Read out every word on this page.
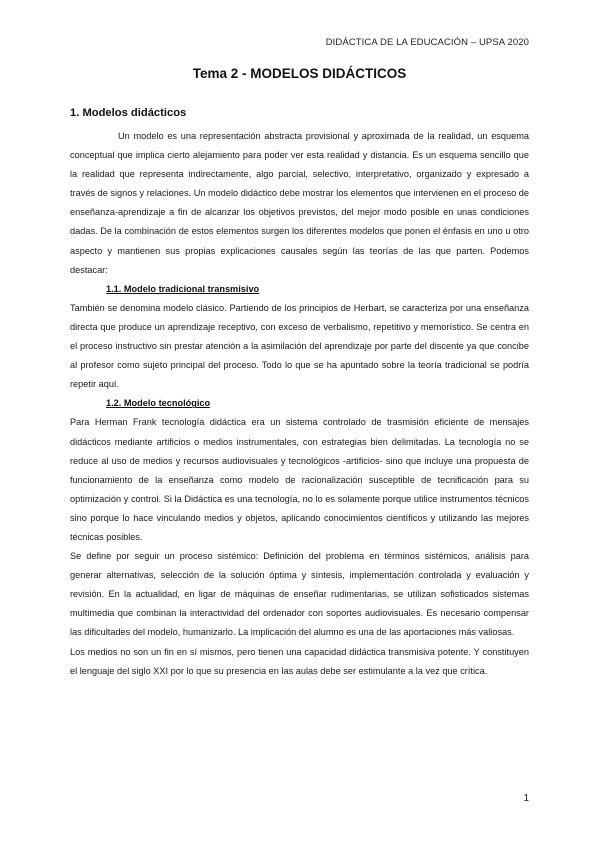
DIDÁCTICA DE LA EDUCACIÓN – UPSA 2020
Tema 2 - MODELOS DIDÁCTICOS
1. Modelos didácticos

Un modelo es una representación abstracta provisional y aproximada de la realidad, un esquema conceptual que implica cierto alejamiento para poder ver esta realidad y distancia. Es un esquema sencillo que la realidad que representa indirectamente, algo parcial, selectivo, interpretativo, organizado y expresado a través de signos y relaciones. Un modelo didáctico debe mostrar los elementos que intervienen en el proceso de enseñanza-aprendizaje a fin de alcanzar los objetivos previstos, del mejor modo posible en unas condiciones dadas. De la combinación de estos elementos surgen los diferentes modelos que ponen el énfasis en uno u otro aspecto y mantienen sus propias explicaciones causales según las teorías de las que parten. Podemos destacar:

1.1. Modelo tradicional transmisivo

También se denomina modelo clásico. Partiendo de los principios de Herbart, se caracteriza por una enseñanza directa que produce un aprendizaje receptivo, con exceso de verbalismo, repetitivo y memorístico. Se centra en el proceso instructivo sin prestar atención a la asimilación del aprendizaje por parte del discente ya que concibe al profesor como sujeto principal del proceso. Todo lo que se ha apuntado sobre la teoría tradicional se podría repetir aquí.

1.2. Modelo tecnológico

Para Herman Frank tecnología didáctica era un sistema controlado de trasmisión eficiente de mensajes didácticos mediante artificios o medios instrumentales, con estrategias bien delimitadas. La tecnología no se reduce al uso de medios y recursos audiovisuales y tecnológicos -artificios- sino que incluye una propuesta de funcionamiento de la enseñanza como modelo de racionalización susceptible de tecnificación para su optimización y control. Si la Didáctica es una tecnología, no lo es solamente porque utilice instrumentos técnicos sino porque lo hace vinculando medios y objetos, aplicando conocimientos científicos y utilizando las mejores técnicas posibles.

Se define por seguir un proceso sistémico: Definición del problema en términos sistémicos, análisis para generar alternativas, selección de la solución óptima y síntesis, implementación controlada y evaluación y revisión. En la actualidad, en ligar de máquinas de enseñar rudimentarias, se utilizan sofisticados sistemas multimedia que combinan la interactividad del ordenador con soportes audiovisuales. Es necesario compensar las dificultades del modelo, humanizarlo. La implicación del alumno es una de las aportaciones más valiosas.

Los medios no son un fin en sí mismos, pero tienen una capacidad didáctica transmisiva potente. Y constituyen el lenguaje del siglo XXI por lo que su presencia en las aulas debe ser estimulante a la vez que crítica.

1
